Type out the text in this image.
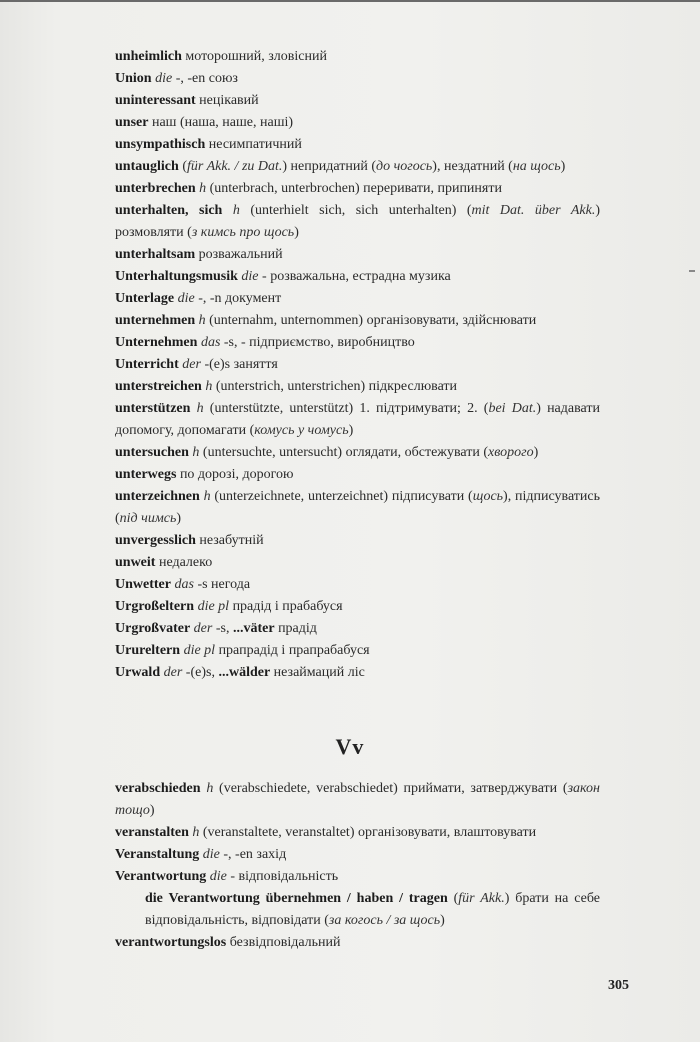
unheimlich моторошний, зловісний
Union die -, -en союз
uninteressant нецікавий
unser наш (наша, наше, наші)
unsympathisch несимпатичний
untauglich (für Akk. / zu Dat.) непридатний (до чогось), нездатний (на щось)
unterbrechen h (unterbrach, unterbrochen) переривати, припиняти
unterhalten, sich h (unterhielt sich, sich unterhalten) (mit Dat. über Akk.) розмовляти (з кимсь про щось)
unterhaltsam розважальний
Unterhaltungsmusik die - розважальна, естрадна музика
Unterlage die -, -n документ
unternehmen h (unternahm, unternommen) організовувати, здійснювати
Unternehmen das -s, - підприємство, виробництво
Unterricht der -(e)s заняття
unterstreichen h (unterstrich, unterstrichen) підкреслювати
unterstützen h (unterstützte, unterstützt) 1. підтримувати; 2. (bei Dat.) надавати допомогу, допомагати (комусь у чомусь)
untersuchen h (untersuchte, untersucht) оглядати, обстежувати (хворого)
unterwegs по дорозі, дорогою
unterzeichnen h (unterzeichnete, unterzeichnet) підписувати (щось), підписуватись (під чимсь)
unvergesslich незабутній
unweit недалеко
Unwetter das -s негода
Urgroßeltern die pl прадід і прабабуся
Urgroßvater der -s, ...väter прадід
Urureltern die pl прапрадід і прапрабабуся
Urwald der -(e)s, ...wälder незаймаций ліс
Vv
verabschieden h (verabschiedete, verabschiedet) приймати, затверджувати (закон тощо)
veranstalten h (veranstaltete, veranstaltet) організовувати, влаштовувати
Veranstaltung die -, -en захід
Verantwortung die - відповідальність
die Verantwortung übernehmen / haben / tragen (für Akk.) брати на себе відповідальність, відповідати (за когось / за щось)
verantwortungslos безвідповідальний
305
